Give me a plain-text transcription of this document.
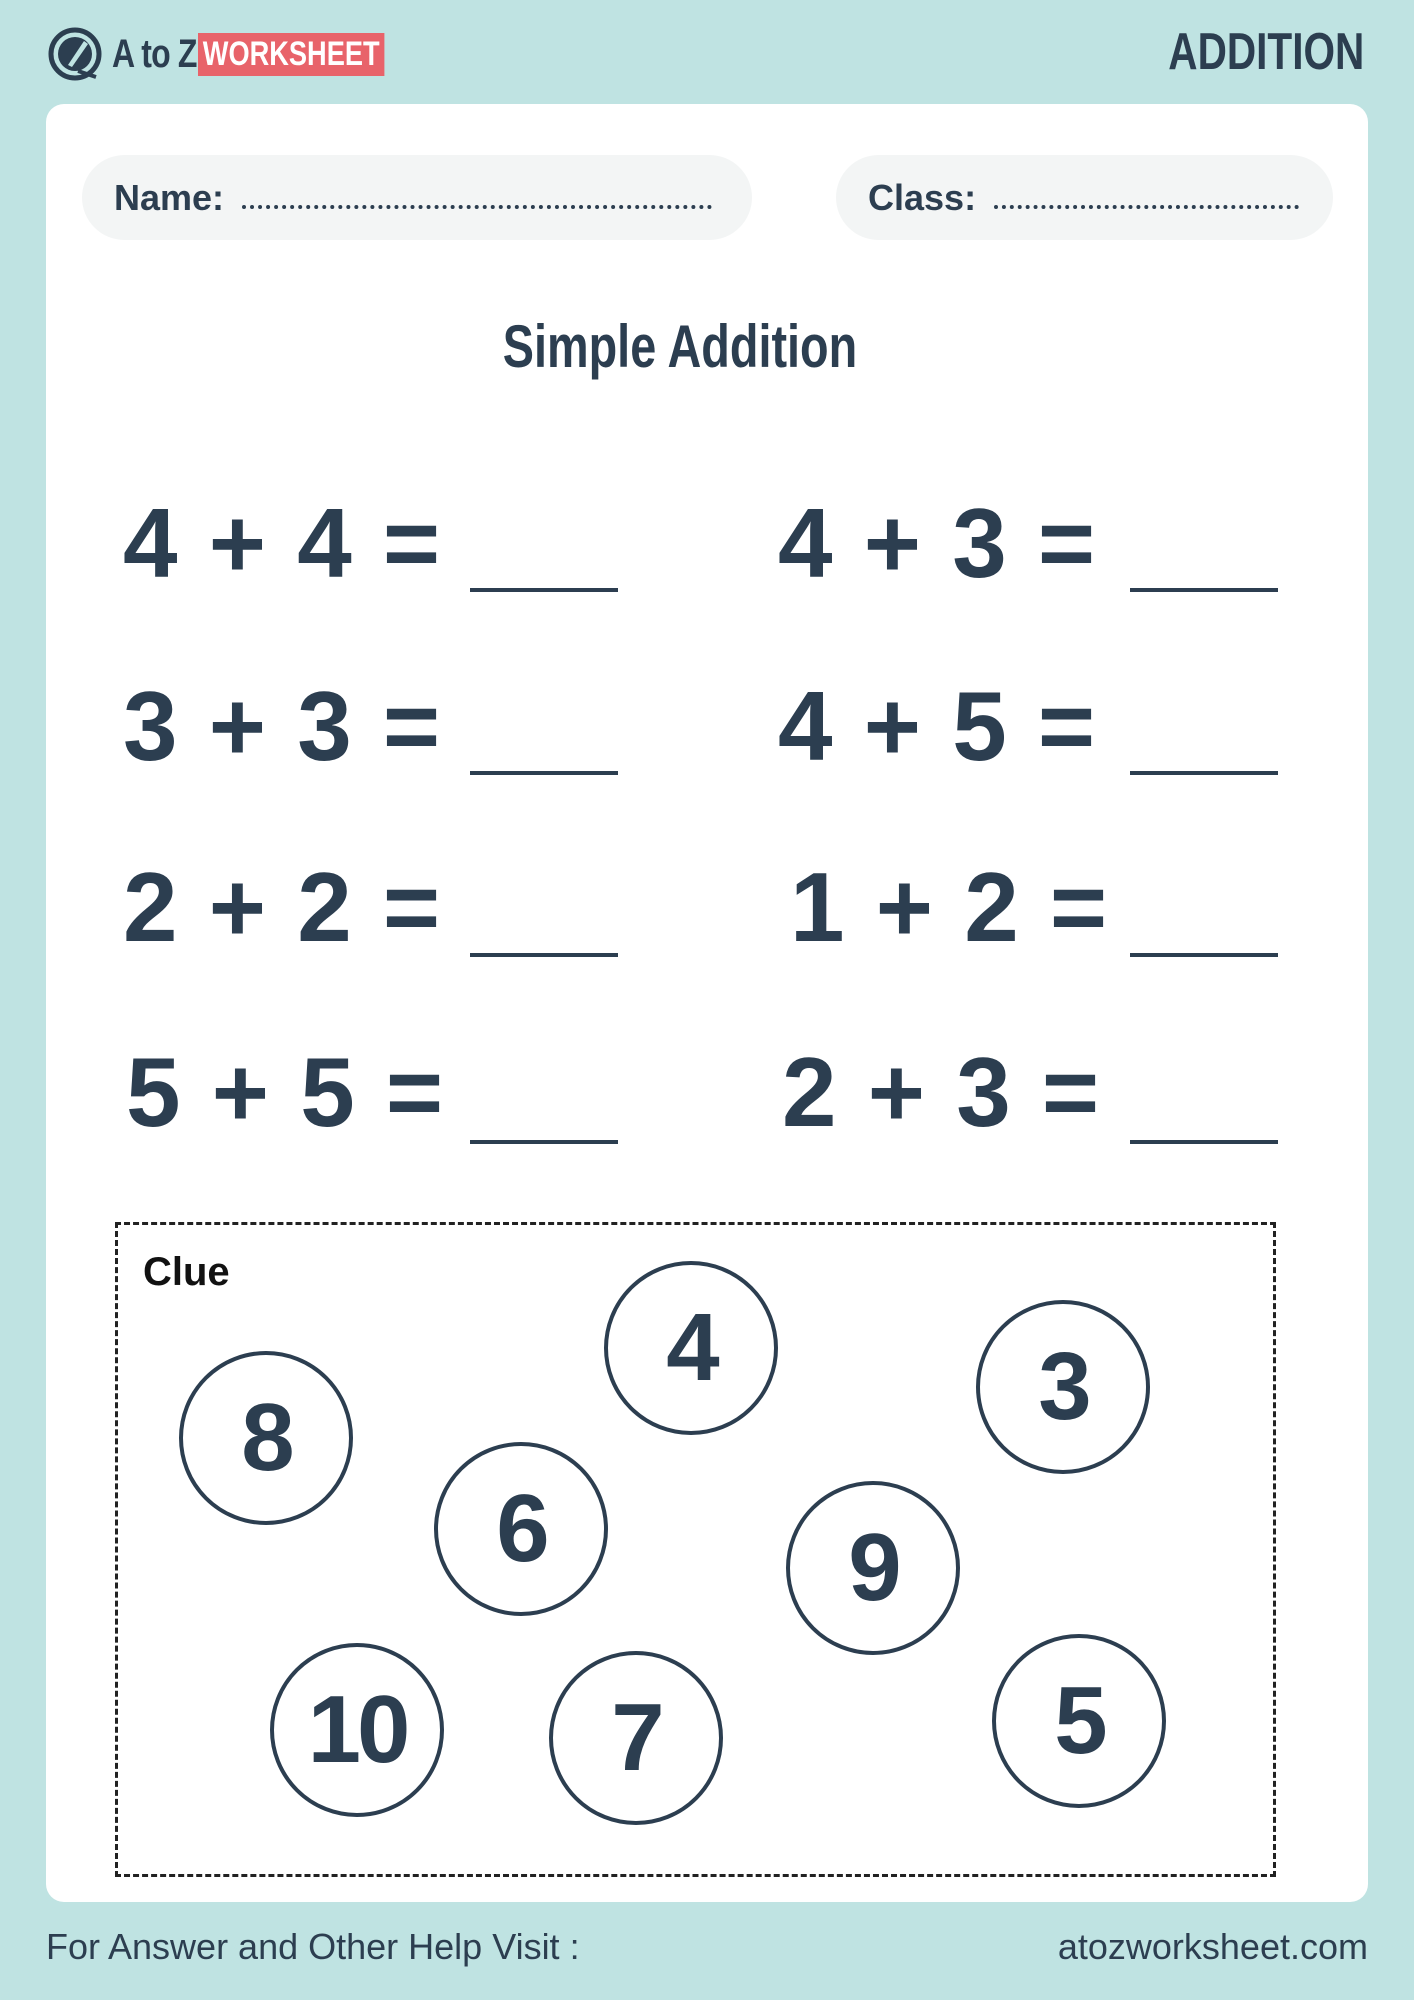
A to Z WORKSHEET	ADDITION
Name:	Class:
Simple Addition
4 + 4 =	4 + 3 =
3 + 3 =	4 + 5 =
2 + 2 =	1 + 2 =
5 + 5 =	2 + 3 =
Clue
4	3
8
6	9
10	7	5
For Answer and Other Help Visit :	atozworksheet.com
